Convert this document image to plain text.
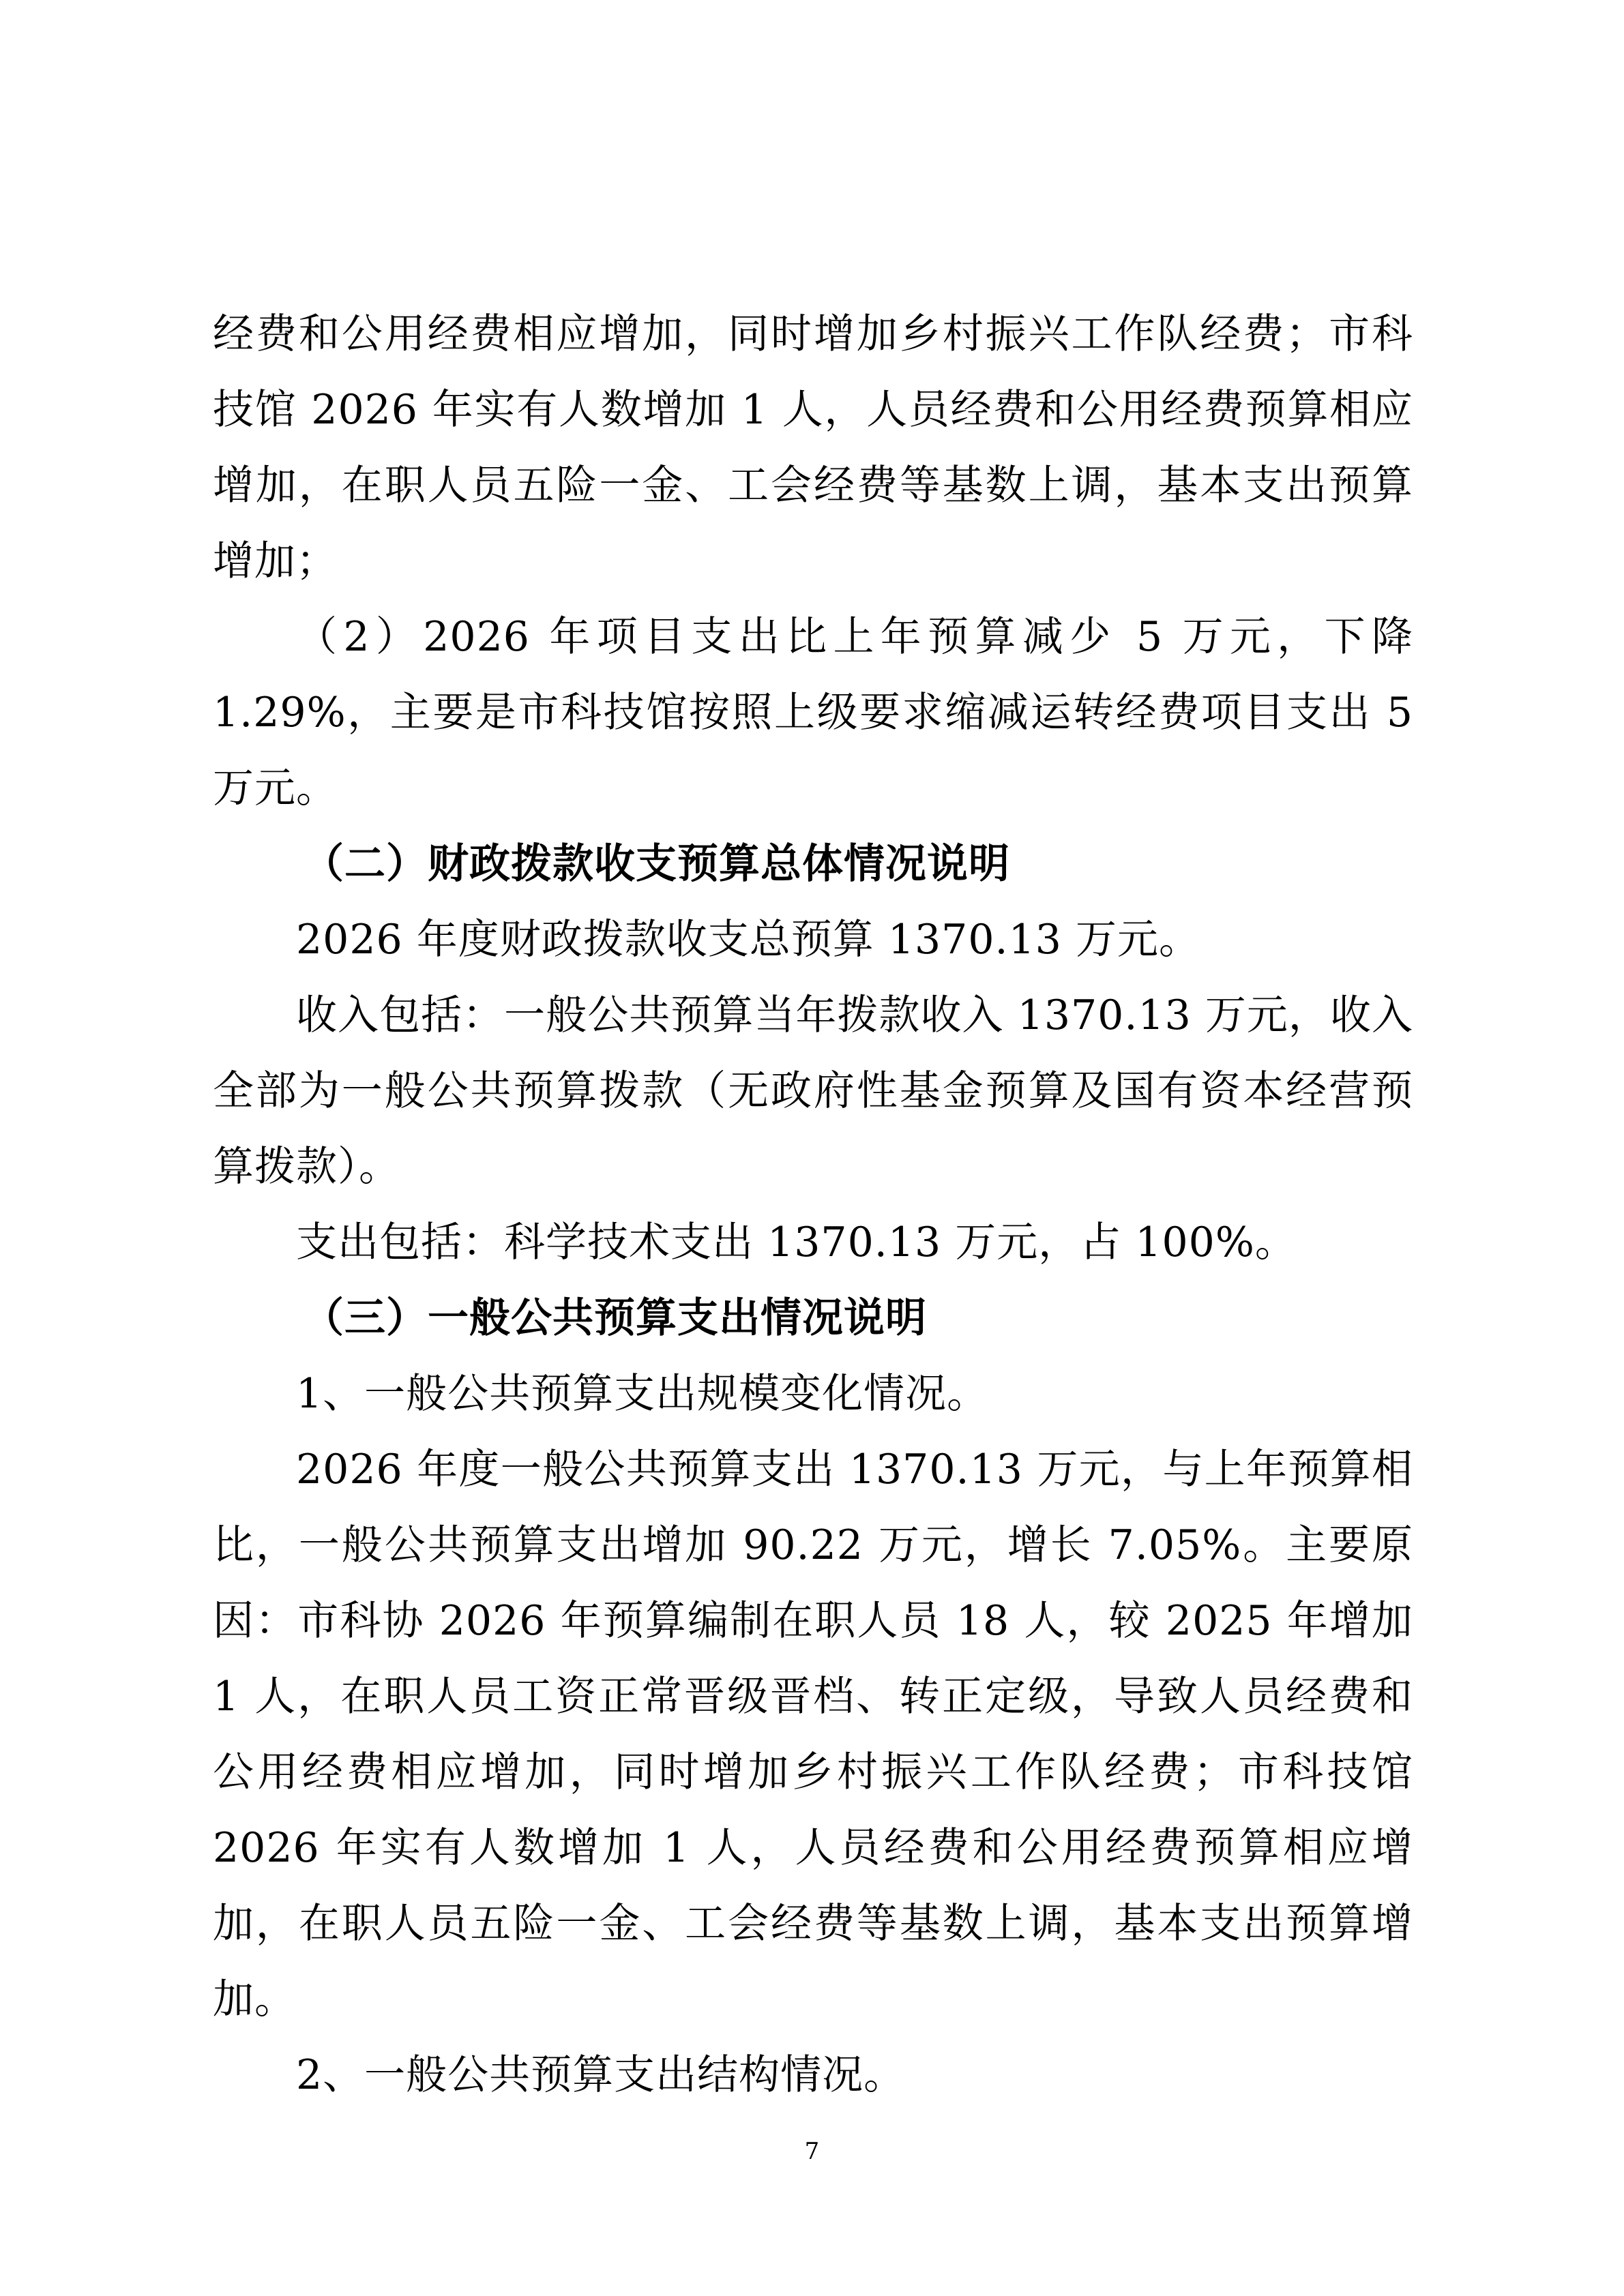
经费和公用经费相应增加，同时增加乡村振兴工作队经费；市科技馆 2026 年实有人数增加 1 人，人员经费和公用经费预算相应增加，在职人员五险一金、工会经费等基数上调，基本支出预算增加；

（2）2026 年项目支出比上年预算减少 5 万元，下降 1.29%，主要是市科技馆按照上级要求缩减运转经费项目支出 5 万元。

（二）财政拨款收支预算总体情况说明

2026 年度财政拨款收支总预算 1370.13 万元。

收入包括：一般公共预算当年拨款收入 1370.13 万元，收入全部为一般公共预算拨款（无政府性基金预算及国有资本经营预算拨款）。

支出包括：科学技术支出 1370.13 万元，占 100%。

（三）一般公共预算支出情况说明

1、一般公共预算支出规模变化情况。

2026 年度一般公共预算支出 1370.13 万元，与上年预算相比，一般公共预算支出增加 90.22 万元，增长 7.05%。主要原因：市科协 2026 年预算编制在职人员 18 人，较 2025 年增加 1 人，在职人员工资正常晋级晋档、转正定级，导致人员经费和公用经费相应增加，同时增加乡村振兴工作队经费；市科技馆 2026 年实有人数增加 1 人，人员经费和公用经费预算相应增加，在职人员五险一金、工会经费等基数上调，基本支出预算增加。

2、一般公共预算支出结构情况。

7
